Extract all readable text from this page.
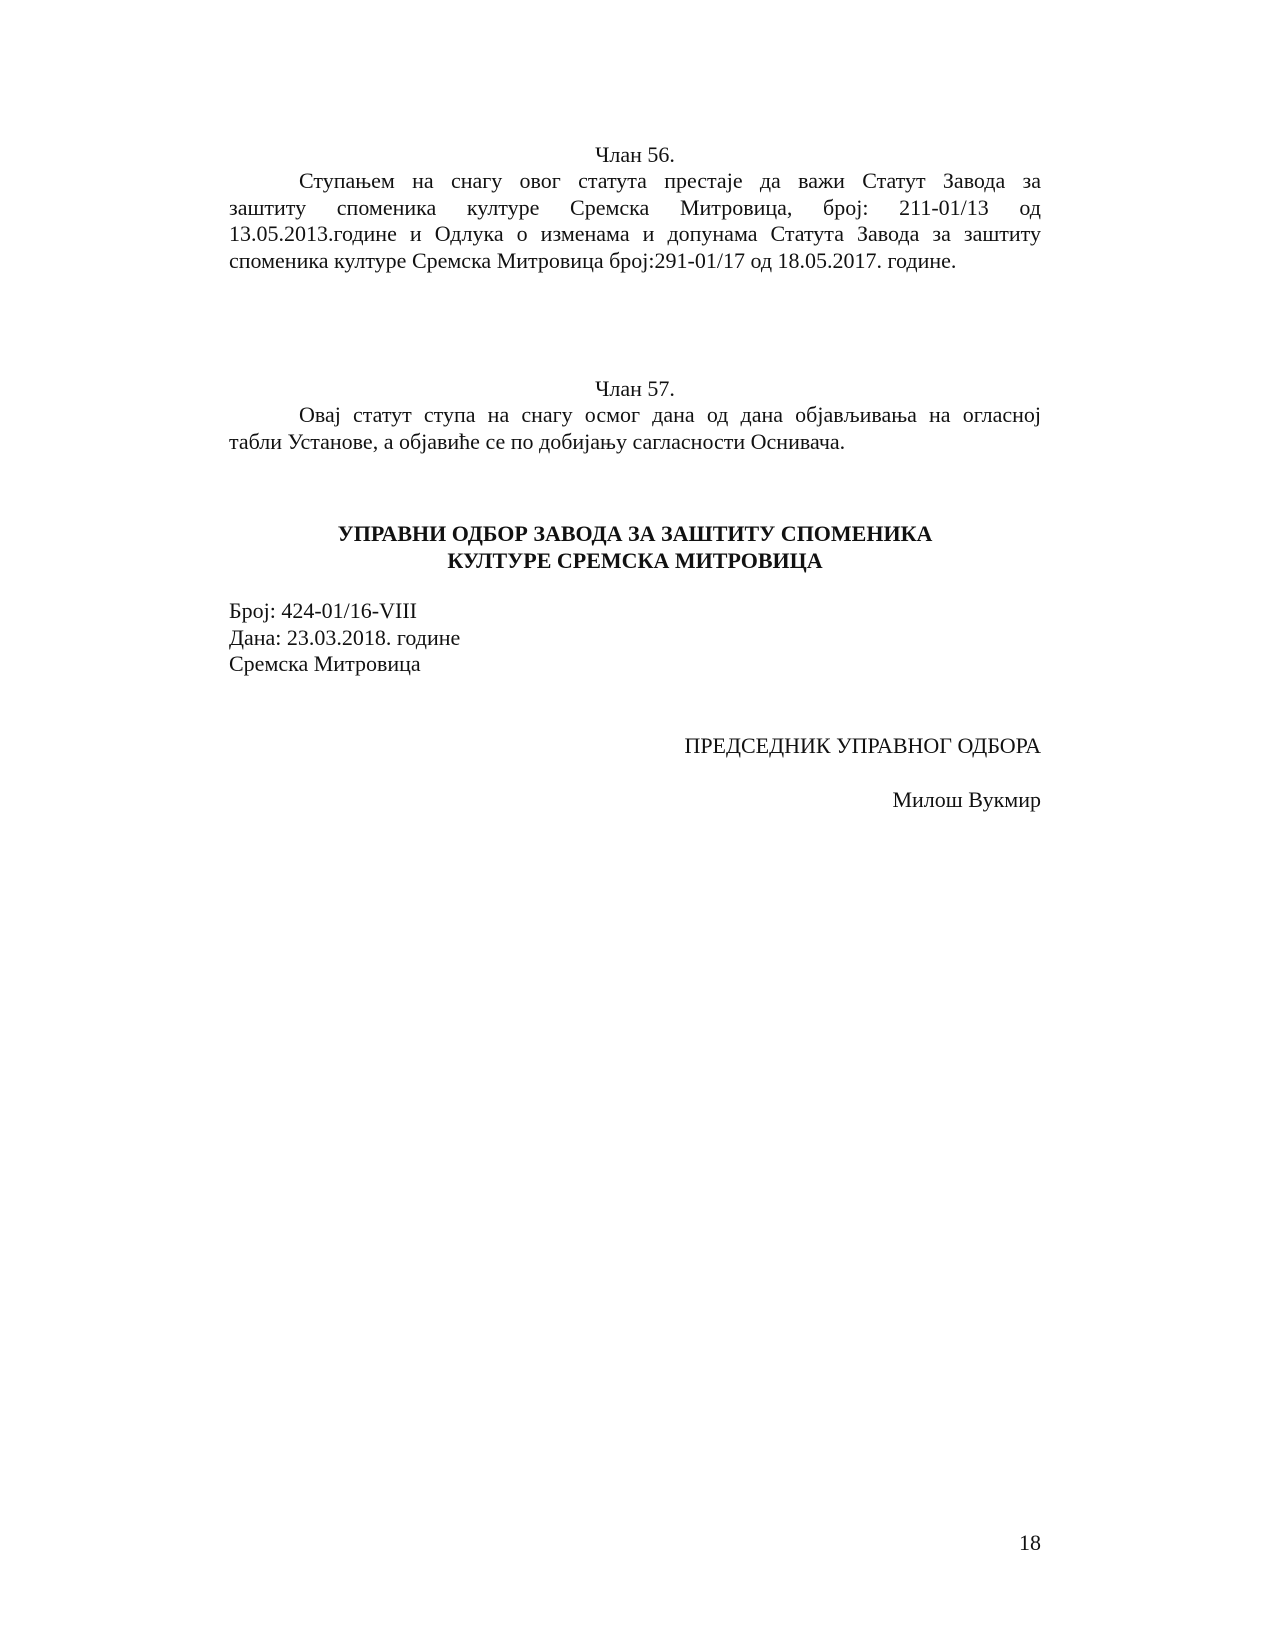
Члан 56.

Ступањем на снагу овог статута престаје да важи Статут Завода за
заштиту споменика културе Сремска Митровица, број: 211-01/13 од
13.05.2013.године и Одлука о изменама и допунама Статута Завода за заштиту
споменика културе Сремска Митровица број:291-01/17 од 18.05.2017. године.

Члан 57.

Овај статут ступа на снагу осмог дана од дана објављивања на огласној
табли Установе, а објавиће се по добијању сагласности Оснивача.

УПРАВНИ ОДБОР ЗАВОДА ЗА ЗАШТИТУ СПОМЕНИКА
КУЛТУРЕ СРЕМСКА МИТРОВИЦА
Број: 424-01/16-VIII
Дана: 23.03.2018. године
Сремска Митровица
ПРЕДСЕДНИК УПРАВНОГ ОДБОРА
Милош Вукмир
18
